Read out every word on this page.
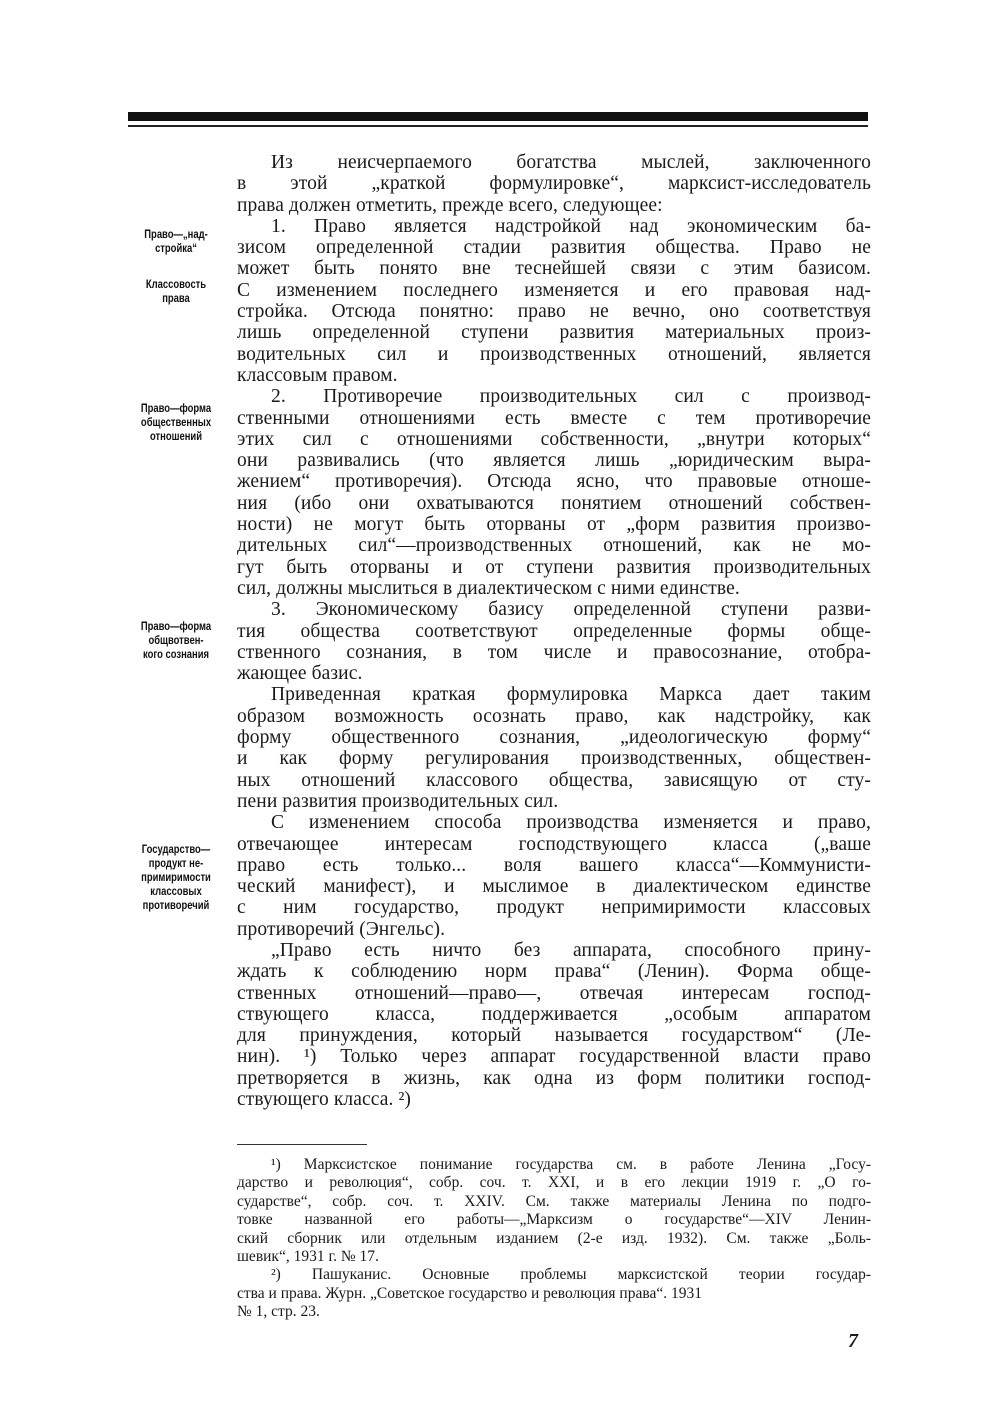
Право—„над-
стройка“
Классовость
права
Право—форма
общественных
отношений
Право—форма
общвотвен-
кого сознания
Государство—
продукт не-
примиримости
классовых
противоречий
Из неисчерпаемого богатства мыслей, заключенного
в этой „краткой формулировке“, марксист-исследователь
права должен отметить, прежде всего, следующее:
1. Право является надстройкой над экономическим ба-
зисом определенной стадии развития общества. Право не
может быть понято вне теснейшей связи с этим базисом.
С изменением последнего изменяется и его правовая над-
стройка. Отсюда понятно: право не вечно, оно соответствуя
лишь определенной ступени развития материальных произ-
водительных сил и производственных отношений, является
классовым правом.
2. Противоречие производительных сил с производ-
ственными отношениями есть вместе с тем противоречие
этих сил с отношениями собственности, „внутри которых“
они развивались (что является лишь „юридическим выра-
жением“ противоречия). Отсюда ясно, что правовые отноше-
ния (ибо они охватываются понятием отношений собствен-
ности) не могут быть оторваны от „форм развития произво-
дительных сил“—производственных отношений, как не мо-
гут быть оторваны и от ступени развития производительных
сил, должны мыслиться в диалектическом с ними единстве.
3. Экономическому базису определенной ступени разви-
тия общества соответствуют определенные формы обще-
ственного сознания, в том числе и правосознание, отобра-
жающее базис.
Приведенная краткая формулировка Маркса дает таким
образом возможность осознать право, как надстройку, как
форму общественного сознания, „идеологическую форму“
и как форму регулирования производственных, обществен-
ных отношений классового общества, зависящую от сту-
пени развития производительных сил.
С изменением способа производства изменяется и право,
отвечающее интересам господствующего класса („ваше
право есть только... воля вашего класса“—Коммунисти-
ческий манифест), и мыслимое в диалектическом единстве
с ним государство, продукт непримиримости классовых
противоречий (Энгельс).
„Право есть ничто без аппарата, способного прину-
ждать к соблюдению норм права“ (Ленин). Форма обще-
ственных отношений—право—, отвечая интересам господ-
ствующего класса, поддерживается „особым аппаратом
для принуждения, который называется государством“ (Ле-
нин). ¹) Только через аппарат государственной власти право
претворяется в жизнь, как одна из форм политики господ-
ствующего класса. ²)
¹) Марксистское понимание государства см. в работе Ленина „Госу-
дарство и революция“, собр. соч. т. XXI, и в его лекции 1919 г. „О го-
сударстве“, собр. соч. т. XXIV. См. также материалы Ленина по подго-
товке названной его работы—„Марксизм о государстве“—XIV Ленин-
ский сборник или отдельным изданием (2-е изд. 1932). См. также „Боль-
шевик“, 1931 г. № 17.
²) Пашуканис. Основные проблемы марксистской теории государ-
ства и права. Журн. „Советское государство и революция права“. 1931
№ 1, стр. 23.
7
